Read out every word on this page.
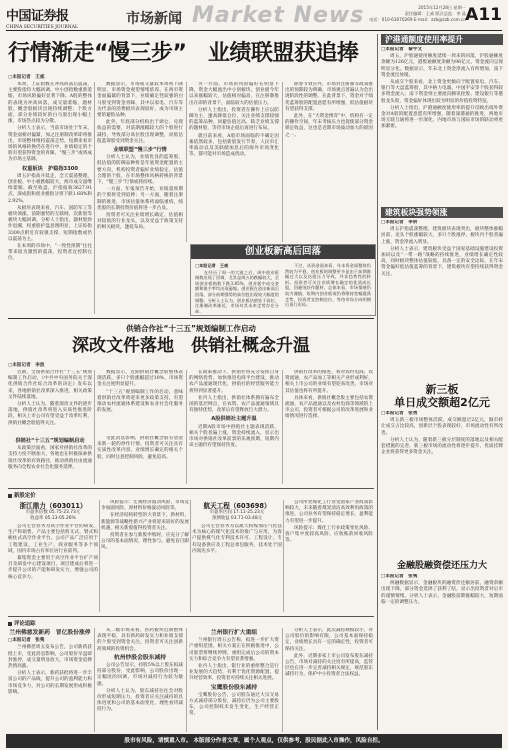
中国证券报
CHINA SECURITIES JOURNAL
市场新闻 Market News	2015年12月28日 星期一
责任编辑：王威 版式总监：李 晶
电话：010-63070269 E-mail：zzb@zzb.com.cn A11
行情渐走“慢三步”　业绩联盟获追捧
□本报记者　王威

本周，上证指数在冲高回落后震荡，主要股指均大幅回调。中小创指数重新萎缩，市场风险偏好显著下降。A股的整体的表现为冲高回落，成交量萎缩，题材股、概念股板块出现持续调整；个股方面，部分业绩较好的白马股出现小幅上涨，市场热点较为分散。

分析人士表示，当前市场处于年末，资金面相对偏紧，加之注册制改革即将推出，市场整体维持震荡走势，短期来看市场的风格转换仍在进行中，业绩稳定的个股有望获得资金的青睐，“慢三步”或将成为市场主基调。

权重板块　护稳指3300

周五沪指高开低走，全天震荡整理，创业板、中小板跌幅较大，两市成交量继续萎缩。截至收盘，沪指报收3627.91点，深成指和创业板指分别下跌1.68%和2.92%。

从板块表现来看，汽车、国防军工等板块领涨，前期强势的互联网、次新股等板块大幅回调。分析人士指出，题材股炒作退潮，权重股护盘意图明显，上证综指3300点附近有较强支撑，短期指数或仍以震荡为主。

在本周的市场中，“一致性预期”往往带来较为激烈的震荡，投资者宜控制仓位。

数据显示，市场成交量较本周初下降明显，市场资金观望情绪浓厚。在两市资金面偏紧的背景下，业绩确定性较强的白马股受到资金青睐，其中以家电、汽车等为代表的消费板块表现较好，成为市场主要的避险品种。

此外，年底部分机构出于调仓、兑现收益的需要，对前期涨幅较大的个股进行减持，导致部分高位股出现调整，而低估值蓝筹股受到资金关注。

业绩联盟“慢三步”行情

分析人士认为，业绩优良的蓝筹股、低估值的防御品种将是年底资金配置的主要方向，机构投资者偏好业绩稳定、估值合理的个股，在市场整体风格转换的背景下，“慢三步”行情或将持续。

一方面，年报预告开始，业绩超预期的个股将受到追捧；另一方面，随着注册制的推进，市场估值体系将面临重构，绩优股的长期投资价值将进一步凸显。

投资者可关注业绩增长确定、估值相对较低的行业龙头，以及受益于政策支持的相关板块，逢低布局。

另一方面，市场的风险偏好在明显下降，资金大幅流出中小创板块。创业板今年以来涨幅较大，估值相对偏高，在注册制推出在即的背景下，面临较大的估值压力。

分析人士指出，投资者在操作上应以防御为主，逢高降低仓位，关注业绩支撑较强的蓝筹品种，回避估值过高、缺乏业绩支撑的题材股，等待市场企稳后再进行布局。

就目前来看，A股市场面临的不确定因素依然较多，包括新股发行节奏、人民币汇率波动以及美联储加息后的海外市场变化等，都可能对市场造成扰动。

除春节效应外，市场对注册制等政策推出的预期较为明确，市场观点普遍认为会出现阶段性的调整。在此背景下，资金对于绩优蓝筹股的配置意愿有所增强，低估值板块有望获得支撑。

此外，在“大资金博弈”中，机构有一定的操作空间，年末考核压力也促使部分资金锁定收益，这也是近期市场波动加大的原因之一。

创业板新高后回落

□本报记者　王威

在经历了周一的大涨之后，周中创业板指数出现了回调，尤其是周五的跌幅较大，全周创业板指数下跌3.85%，创业板中成交金额和换手率均出现萎缩。创业板在创出新高后回落，部分前期强势的高位股出现较大幅度的调整。分析人士认为，创业板估值处于高位，注册制改革渐近，市场对其未来走势存在分歧。

不过，从资金面来看，年末资金面整体仍然较为平稳，创业板的调整更多是由于前期涨幅过大以及估值压力导致，并非趋势性的转折。投资者可关注业绩增长确定的优质成长股，回避纯炒作题材。总体来看，市场情绪仍较为谨慎，短期内创业板或仍将维持宽幅震荡走势，投资者宜控制仓位，等待市场方向明朗后再行布局。

沪港通额度使用率提升

□本报记者　黎宇文

周五，沪股通使用额度延续一周来的回落，沪股通额度余额为126亿元，港股通额度余额为96亿元，资金流向呈现明显分化。数据显示，年末北上资金净流入有所增加，南下资金流出放缓。

从成交个股来看，北上资金更倾向于配置家电、汽车、银行等大盘蓝筹股，其中格力电器、中国平安等个股获得较多资金流入；南下资金则主要流向腾讯控股、建设银行等港股龙头股，资金偏好体现出较为明显的价值投资特征。

分析人士指出，沪港通额度使用率的提升反映出境外资金对A股的配置意愿有所增强，随着深港通的推进，两地市场互联互通将进一步深化，内地市场与国际市场的联动将更加紧密。

建筑板块强势领涨

□本报记者　李妍

周五沪指震荡整理，建筑板块表现突出，板块整体涨幅居前，龙头个股涨幅较大，多只个股涨停，板块内个股普遍上涨，资金净流入明显。

分析人士表示，建筑板块受益于国家基础设施建设投资加码以及“一带一路”战略的持续推进，业绩增长确定性较高，同时板块整体估值较低，具备一定的安全边际，在年末资金偏好低估值蓝筹的背景下，建筑板块有望持续获得资金关注。

新三板
单日成交额超2亿元

□本报记者　张勇

周五新三板市场整体活跃，成交额超过2亿元，做市转让成交占比较高，创新层个股表现较好，市场流动性有所改善。

分析人士认为，随着新三板分层制度的落地以及相关配套措施的完善，新三板市场的流动性将逐步提升，优质挂牌企业将获得更多资金关注。

金融股融资偿还压力大

□本报记者　张隽

两融数据显示，金融板块的融资偿还额居前，融资余额出现下降，部分资金选择了获利了结，显示出投资者对后市的谨慎情绪。分析人士表示，金融股前期涨幅较大，短期面临一定的调整压力。

供销合作社“十三五”规划编制工作启动
深改文件落地　供销社概念升温
□本报记者　李波

近期，全国供销合作社“十三五”规划编制工作启动，《中共中央国务院关于深化供销合作社综合改革的决定》发布以来，各地供销社改革深入推进，相关政策文件陆续落地。

分析人士认为，随着深改文件的逐步落地，供销社改革将进入实质性推进阶段，相关上市公司有望受益于改革红利，供销社概念股值得关注。

数据显示，近期供销社概念股整体表现活跃，多只个股涨幅超过10%，市场资金关注度明显提升。

“十三五”规划编制工作的启动，意味着供销社改革将迎来更多政策支持，有望推动农村流通体系建设和农业社会化服务的发展。

供销社“十三五”规划编制启动

从政策层面看，国家对供销社改革的支持力度不断加大，各地也在积极探索供销社改革的有效路径，推动供销社由流通服务向全程农业社会化服务延伸。

受此消息影响，供销社概念股有望迎来新一轮的炒作行情，投资者可关注具有实质性改革内容、业绩增长确定的相关个股，同时注意控制风险，避免追高。

在政策推动下，供销社将充分发挥自身的网络优势，加快推进电商平台建设，推动农产品流通现代化，供销社的经营服务能力将得到显著提升。

业内人士指出，供销社体系拥有遍布全国的基层网点，在农资、农产品流通领域具有独特优势，改革后有望释放巨大潜力。

A股供销社主题升温

近期A股市场中供销社主题表现活跃，相关个股普遍上涨，资金持续流入，显示出市场对供销社改革前景的乐观预期，短期内该主题仍有望保持热度。

供销社改革的推进，将对农村电商、农资流通、农产品加工等相关产业形成利好，相关上市公司的业绩有望迎来改善，市场对其估值也将有所提升。

具体来看，供销社概念股主要包括农资流通、农产品流通以及农村电商等领域的上市公司，投资者可根据公司的改革进展和业绩情况进行选择。

新股定价
浙江鼎力（603011）
市盈率倍数 05.75-23.73元
收益率 05.13-05.26%

公司主营业务为高空作业平台的研发、生产和销售，产品主要包括剪叉式、臂式和桅柱式高空作业平台。公司产品广泛应用于工程建设、工业生产、商业服务等多个领域，国内市场占有率位居行业前列。

募集资金主要用于高空作业平台扩产项目及研发中心建设项目，项目建成后将进一步提升公司的产能和研发实力，增强公司的核心竞争力。

风险提示：宏观经济波动风险、市场竞争加剧风险、原材料价格波动风险等。

在经济结构转型的大背景下，新材料、新能源等战略性新兴产业将迎来较好的发展机遇，相关新股值得投资者关注。

投资者在参与新股申购时，应充分了解公司的基本面情况，理性参与，避免盲目跟风。

航天工程（603698）
市盈率区间 17.11-25.23元
预测收益 03.71-03.48元

公司主营业务为以航天粉煤加压气化技术为核心的煤气化技术的推广与应用，为客户提供煤气化专利技术许可、工程设计、专有设备供应及工程总承包服务，技术处于国内领先水平。

公司所处煤化工行业受国家产业政策影响较大，未来随着煤炭清洁高效利用政策的推进，公司业务有望保持稳定增长，盈利能力有望进一步提升。

风险提示：煤化工行业政策变化风险、客户集中度较高风险、应收账款回收风险等。

评论追踪

兰州佛慈发新药　冒亿股份涨停

□本报记者　张隽

兰州佛慈周五发布公告，公司新药获批上市，受此消息影响，公司股价早盘即封涨停，成交量明显放大，市场资金追捧热情高涨。

分析人士表示，新药获批将进一步丰富公司的产品线，提升公司的盈利能力和市场竞争力，对公司的长期发展形成积极影响。

从二级市场来看，医药板块近期整体表现平稳，具有新药研发实力和业绩支撑的个股受到资金关注，投资者可关注创新药领域的投资机会。

杭州炒股会股东减持

公司公告显示，持股5%以上股东拟减持部分股份，受此影响，公司股价出现一定幅度的回调，市场对减持行为较为敏感。

分析人士认为，股东减持往往会对股价形成短期压力，投资者应关注减持的具体进度和公司的基本面变化，理性看待减持行为。

兰州银行扩大重组

兰州银行周五公告称，拟进一步扩大资产重组范围，相关方案正在积极推进中，公司股票将继续停牌，重组完成后公司的资本实力和综合竞争力有望显著增强。

业内人士指出，银行业的重组整合是行业发展的大趋势，有利于优化资源配置、提升经营效率，投资者可持续关注相关进展。

宝鹰股份股东减持

宝鹰股份公告，公司股东通过大宗交易方式减持部分股份，减持后仍为公司主要股东，公司控制权未发生变化，生产经营正常。

分析人士表示，此次减持规模较小，对公司股价的影响有限，公司基本面保持稳定，业绩增长具有一定的确定性，投资者可保持关注。

此外，近期多家上市公司发布股东减持公告，市场对减持的关注度有所提高，监管层也在进一步完善减持相关规定，规范股东减持行为，保护中小投资者合法权益。

股市有风险，请慎重入市。 本版部分作者文章，属个人观点，仅供参考，股民据此入市操作，风险自担。
